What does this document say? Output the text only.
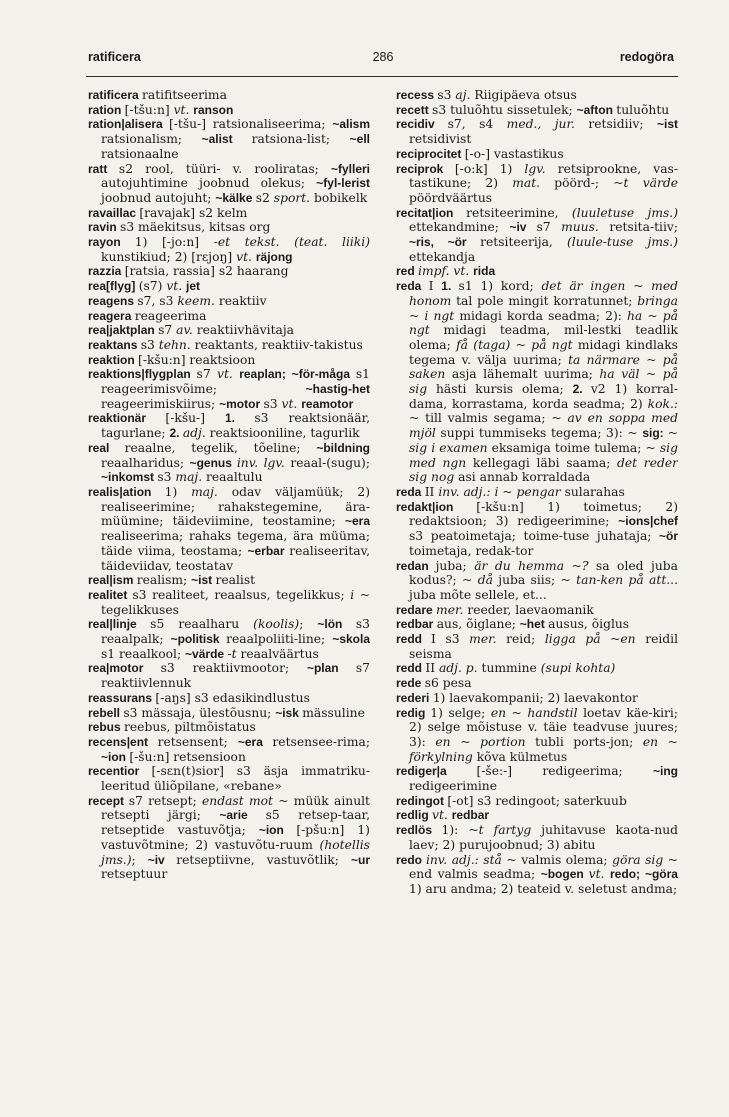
ratificera	286	redogöra

ratificera ratifitseerima

ration [-tšu:n] vt. ranson

ration|alisera [-tšu-] ratsionaliseerima; ~alism ratsionalism; ~alist ratsiona-list; ~ell ratsionaalne

ratt s2 rool, tüüri- v. rooliratas; ~fylleri autojuhtimine joobnud olekus; ~fyl-lerist joobnud autojuht; ~kälke s2 sport. bobikelk

ravaillac [ravajak] s2 kelm

ravin s3 mäekitsus, kitsas org

rayon 1) [-jo:n] -et tekst. (teat. liiki) kunstikiud; 2) [rɛjoŋ] vt. räjong

razzia [ratsia, rassia] s2 haarang

rea[flyg] (s7) vt. jet

reagens s7, s3 keem. reaktiiv

reagera reageerima

rea|jaktplan s7 av. reaktiivhävitaja

reaktans s3 tehn. reaktants, reaktiiv-takistus

reaktion [-kšu:n] reaktsioon

reaktions|flygplan s7 vt. reaplan; ~för-måga s1 reageerimisvõime; ~hastig-het reageerimiskiirus; ~motor s3 vt. reamotor

reaktionär [-kšu-] 1. s3 reaktsionäär, tagurlane; 2. adj. reaktsiooniline, tagurlik

real reaalne, tegelik, tõeline; ~bildning reaalharidus; ~genus inv. lgv. reaal-(sugu); ~inkomst s3 maj. reaaltulu

realis|ation 1) maj. odav väljamüük; 2) realiseerimine; rahakstegemine, ära-müümine; täideviimine, teostamine; ~era realiseerima; rahaks tegema, ära müüma; täide viima, teostama; ~erbar realiseeritav, täideviidav, teostatav

real|ism realism; ~ist realist

realitet s3 realiteet, reaalsus, tegelikkus; i ~ tegelikkuses

real|linje s5 reaalharu (koolis); ~lön s3 reaalpalk; ~politisk reaalpoliiti-line; ~skola s1 reaalkool; ~värde -t reaalväärtus

rea|motor s3 reaktiivmootor; ~plan s7 reaktiivlennuk

reassurans [-aŋs] s3 edasikindlustus

rebell s3 mässaja, ülestõusnu; ~isk mässuline

rebus reebus, piltmõistatus

recens|ent retsensent; ~era retsensee-rima; ~ion [-šu:n] retsensioon

recentior [-sɛn(t)sior] s3 äsja immatriku-leeritud üliõpilane, «rebane»

recept s7 retsept; endast mot ~ müük ainult retsepti järgi; ~arie s5 retsep-taar, retseptide vastuvõtja; ~ion [-pšu:n] 1) vastuvõtmine; 2) vastuvõtu-ruum (hotellis jms.); ~iv retseptiivne, vastuvõtlik; ~ur retseptuur

recess s3 aj. Riigipäeva otsus

recett s3 tuluõhtu sissetulek; ~afton tuluõhtu

recidiv s7, s4 med., jur. retsidiiv; ~ist retsidivist

reciprocitet [-o-] vastastikus

reciprok [-o:k] 1) lgv. retsiprookne, vas-tastikune; 2) mat. pöörd-; ~t värde pöördväärtus

recitat|ion retsiteerimine, (luuletuse jms.) ettekandmine; ~iv s7 muus. retsita-tiiv; ~ris, ~ör retsiteerija, (luule-tuse jms.) ettekandja

red impf. vt. rida

reda I 1. s1 1) kord; det är ingen ~ med honom tal pole mingit korratunnet; bringa ~ i ngt midagi korda seadma; 2): ha ~ på ngt midagi teadma, mil-lestki teadlik olema; få (taga) ~ på ngt midagi kindlaks tegema v. välja uurima; ta närmare ~ på saken asja lähemalt uurima; ha väl ~ på sig hästi kursis olema; 2. v2 1) korral-dama, korrastama, korda seadma; 2) kok.: ~ till valmis segama; ~ av en soppa med mjöl suppi tummiseks tegema; 3): ~ sig: ~ sig i examen eksamiga toime tulema; ~ sig med ngn kellegagi läbi saama; det reder sig nog asi annab korraldada

reda II inv. adj.: i ~ pengar sularahas

redakt|ion [-kšu:n] 1) toimetus; 2) redaktsioon; 3) redigeerimine; ~ions|chef s3 peatoimetaja; toime-tuse juhataja; ~ör toimetaja, redak-tor

redan juba; är du hemma ~? sa oled juba kodus?; ~ då juba siis; ~ tan-ken på att... juba mõte sellele, et...

redare mer. reeder, laevaomanik

redbar aus, õiglane; ~het ausus, õiglus

redd I s3 mer. reid; ligga på ~en reidil seisma

redd II adj. p. tummine (supi kohta)

rede s6 pesa

rederi 1) laevakompanii; 2) laevakontor

redig 1) selge; en ~ handstil loetav käe-kiri; 2) selge mõistuse v. täie teadvuse juures; 3): en ~ portion tubli ports-jon; en ~ förkylning kõva külmetus

rediger|a [-še:-] redigeerima; ~ing redigeerimine

redingot [-ot] s3 redingoot; saterkuub

redlig vt. redbar

redlös 1): ~t fartyg juhitavuse kaota-nud laev; 2) purujoobnud; 3) abitu

redo inv. adj.: stå ~ valmis olema; göra sig ~ end valmis seadma; ~bogen vt. redo; ~göra 1) aru andma; 2) teateid v. seletust andma;
